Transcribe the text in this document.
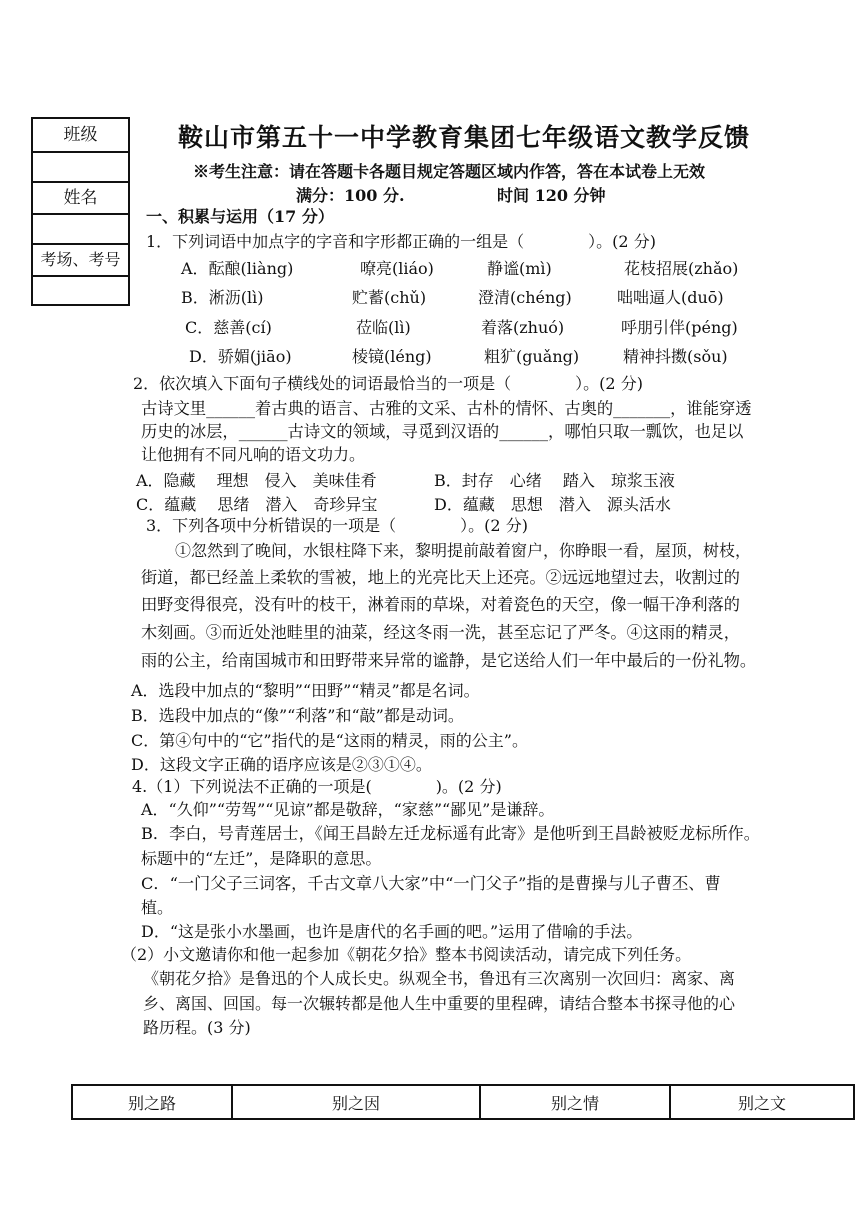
班级
姓名
考场、考号
鞍山市第五十一中学教育集团七年级语文教学反馈
※考生注意：请在答题卡各题目规定答题区域内作答，答在本试卷上无效
满分：100 分.	时间 120 分钟
一、积累与运用（17 分）
1．下列词语中加点字的字音和字形都正确的一组是（　　　　）。(2 分)
A．酝酿(liàng)	嘹亮(liáo)	静谧(mì)	花枝招展(zhǎo)
B．淅沥(lì)	贮蓄(chǔ)	澄清(chéng)	咄咄逼人(duō)
C．慈善(cí)	莅临(lì)	着落(zhuó)	呼朋引伴(péng)
D．骄媚(jiāo)	棱镜(léng)	粗犷(guǎng)	精神抖擞(sǒu)
2．依次填入下面句子横线处的词语最恰当的一项是（　　　　）。(2 分)
古诗文里______着古典的语言、古雅的文采、古朴的情怀、古奥的_______，谁能穿透
历史的冰层，______古诗文的领域，寻觅到汉语的______，哪怕只取一瓢饮，也足以
让他拥有不同凡响的语文功力。
A．隐藏　 理想　侵入　美味佳肴	B．封存　心绪　 踏入　琼浆玉液
C．蕴藏　 思绪　潜入　奇珍异宝	D．蕴藏　思想　潜入　源头活水
3．下列各项中分析错误的一项是（　　　　）。(2 分)
①忽然到了晚间，水银柱降下来，黎明提前敲着窗户，你睁眼一看，屋顶，树枝，
街道，都已经盖上柔软的雪被，地上的光亮比天上还亮。②远远地望过去，收割过的
田野变得很亮，没有叶的枝干，淋着雨的草垛，对着瓷色的天空，像一幅干净利落的
木刻画。③而近处池畦里的油菜，经这冬雨一洗，甚至忘记了严冬。④这雨的精灵，
雨的公主，给南国城市和田野带来异常的谧静，是它送给人们一年中最后的一份礼物。
A．选段中加点的“黎明”“田野”“精灵”都是名词。
B．选段中加点的“像”“利落”和“敲”都是动词。
C．第④句中的“它”指代的是“这雨的精灵，雨的公主”。
D．这段文字正确的语序应该是②③①④。
4.（1）下列说法不正确的一项是(　　　　)。(2 分)
A．“久仰”“劳驾”“见谅”都是敬辞，“家慈”“鄙见”是谦辞。
B．李白，号青莲居士，《闻王昌龄左迁龙标遥有此寄》是他听到王昌龄被贬龙标所作。
标题中的“左迁”，是降职的意思。
C．“一门父子三词客，千古文章八大家”中“一门父子”指的是曹操与儿子曹丕、曹
植。
D．“这是张小水墨画，也许是唐代的名手画的吧。”运用了借喻的手法。
（2）小文邀请你和他一起参加《朝花夕拾》整本书阅读活动，请完成下列任务。
《朝花夕拾》是鲁迅的个人成长史。纵观全书，鲁迅有三次离别一次回归：离家、离
乡、离国、回国。每一次辗转都是他人生中重要的里程碑，请结合整本书探寻他的心
路历程。(3 分)
别之路	别之因	别之情	别之文
